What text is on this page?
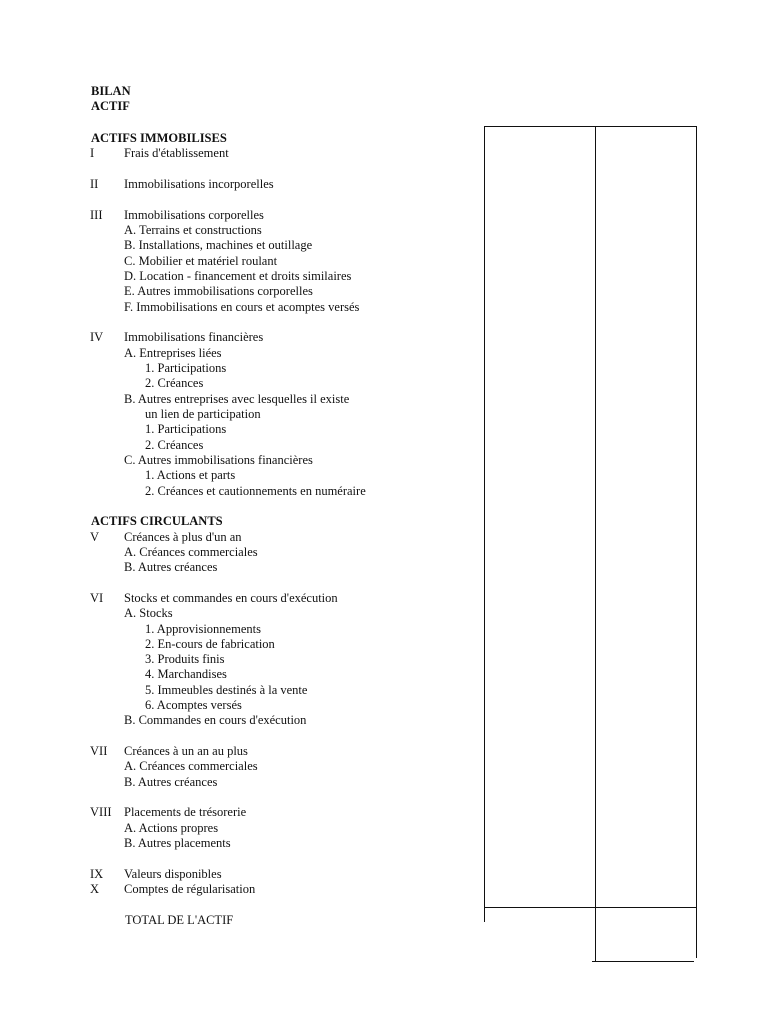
BILAN
ACTIF
ACTIFS IMMOBILISES
I Frais d'établissement
II Immobilisations incorporelles
III Immobilisations corporelles
A. Terrains et constructions
B. Installations, machines et outillage
C. Mobilier et matériel roulant
D. Location - financement et droits similaires
E. Autres immobilisations corporelles
F. Immobilisations en cours et acomptes versés
IV Immobilisations financières
A. Entreprises liées
1. Participations
2. Créances
B. Autres entreprises avec lesquelles il existe
un lien de participation
1. Participations
2. Créances
C. Autres immobilisations financières
1. Actions et parts
2. Créances et cautionnements en numéraire
ACTIFS CIRCULANTS
V Créances à plus d'un an
A. Créances commerciales
B. Autres créances
VI Stocks et commandes en cours d'exécution
A. Stocks
1. Approvisionnements
2. En-cours de fabrication
3. Produits finis
4. Marchandises
5. Immeubles destinés à la vente
6. Acomptes versés
B. Commandes en cours d'exécution
VII Créances à un an au plus
A. Créances commerciales
B. Autres créances
VIII Placements de trésorerie
A. Actions propres
B. Autres placements
IX Valeurs disponibles
X Comptes de régularisation
TOTAL DE L'ACTIF
